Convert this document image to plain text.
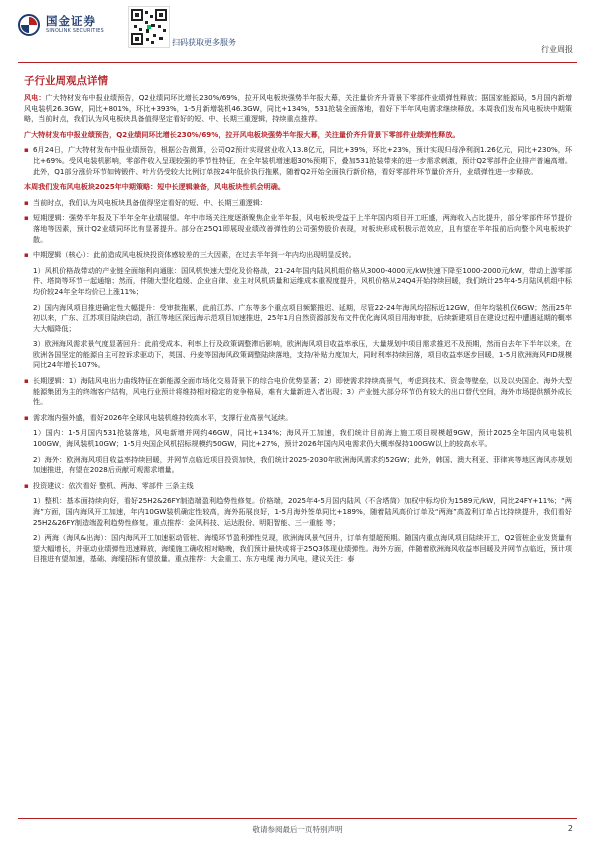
国金证券
SINOLINK SECURITIES
扫码获取更多服务
行业周报
子行业周观点详情

风电：广大特材发布中报业绩预告，Q2业绩同环比增长230%/69%，拉开风电板块强势半年报大幕，关注量价齐升背景下零部件业绩弹性释放；据国家能源局，5月国内新增风电装机26.3GW，同比+801%，环比+393%，1-5月新增装机46.3GW，同比+134%，531抢装全面落地，看好下半年风电需求继续释放。本周我们发布风电板块中期策略，当前时点，我们认为风电板块具备值得坚定看好的短、中、长期三重逻辑，持续重点推荐。

广大特材发布中报业绩预告，Q2业绩同环比增长230%/69%，拉开风电板块强势半年报大幕，关注量价齐升背景下零部件业绩弹性释放。

▪ 6月24日，广大特材发布中报业绩预告，根据公告测算，公司Q2预计实现营业收入13.8亿元，同比+39%，环比+23%，预计实现归母净利润1.26亿元，同比+230%，环比+69%。受风电装机影响，零部件收入呈现较强的季节性特征，在全年装机增速超30%预期下，叠加531抢装带来的进一步需求刺激，预计Q2零部件企业排产普遍高增。此外，Q1部分涨价环节如铸锻件、叶片仍受较大比例订单按24年低价执行拖累，随着Q2开始全面执行新价格，看好零部件环节量价齐升，业绩弹性进一步释放。

本周我们发布风电板块2025年中期策略：短中长逻辑兼备，风电板块性机会明确。

▪ 当前时点，我们认为风电板块具备值得坚定看好的短、中、长期三重逻辑：

▪ 短期逻辑：强势半年报及下半年全年业绩展望。年中市场关注度逐渐聚焦企业半年报，风电板块受益于上半年国内项目开工旺盛，两海收入占比提升，部分零部件环节提价落地等因素，预计Q2业绩同环比有显著提升。部分在25Q1即展现业绩改善弹性的公司强势股价表现，对板块形成积极示范效应，且有望在半年报前后向整个风电板块扩散。

▪ 中期逻辑（核心）：此前造成风电板块投资体感较差的三大因素，在过去半年到一年内均出现明显反转。

1）风机价格战带动的产业链全面缩利向通胀：国风机快速大型化及价格战，21-24年国内陆风机组价格从3000-4000元/kW快速下降至1000-2000元/kW，带动上游零部件、塔筒等环节一起通缩；然而，伴随大型化趋缓、企业自律、业主对风机质量和运维成本重视度提升，风机价格从24Q4开始持续回暖，我们统计25年4-5月陆风机组中标均价较24年全年均价已上涨11%；

2）国内海风项目推进确定性大幅提升：受审批拖累，此前江苏、广东等多个重点项目频繁推迟、延期，尽管22-24年海风均招标近12GW，但年均装机仅6GW；然而25年初以来，广东、江苏项目陆续启动，浙江等地区深远海示范项目加速推进，25年1月自然资源部发布文件优化海风项目用海审批，后续新建项目在建设过程中遭遇延期的概率大大幅降低；

3）欧洲海风需求景气度显著回升：此前受成本、利率上行及政策调整滞后影响，欧洲海风项目收益率承压，大量规划中项目需求推迟不及预期，然而自去年下半年以来，在欧洲各国坚定的能源自主可控诉求驱动下，英国、丹麦等国海风政策调整陆续落地，支持/补贴力度加大，同时利率持续回落，项目收益率逐步回暖，1-5月欧洲海风FID规模同比24年增长107%。

▪ 长期逻辑：1）海陆风电出力曲线特征在新能源全面市场化交易背景下的综合电价优势显著；2）即使需求持续高景气，考虑到技术、资金等壁垒，以及以央国企、海外大型能源集团为主的终端客户结构，风电行业预计将维持相对稳定的竞争格局，难有大量新进入者出现；3）产业链大部分环节仍有较大的出口替代空间，海外市场提供额外成长性。

▪ 需求端内强外盛，看好2026年全球风电装机维持较高水平，支撑行业高景气延续。

1）国内：1-5月国内531抢装落地，风电新增并网约46GW，同比+134%；海风开工加速，我们统计目前海上施工项目规模超9GW，预计2025全年国内风电装机100GW，海风装机10GW；1-5月央国企风机招标规模约50GW，同比+27%，预计2026年国内风电需求仍大概率保持100GW以上的较高水平。

2）海外：欧洲海风项目收益率持续回暖，并网节点临近项目投资加快，我们统计2025-2030年欧洲海风需求约52GW；此外，韩国、澳大利亚、菲律宾等地区海风亦规划加速推进，有望在2028后贡献可观需求增量。

▪ 投资建议：依次看好 整机、两海、零部件 三条主线

1）整机：基本面持续向好，看好25H2&26FY制造端盈利趋势性修复。价格端，2025年4-5月国内陆风（不含塔筒）加权中标均价为1589元/kW，同比24FY+11%；“两海”方面，国内海风开工加速，年内10GW装机确定性较高，海外拓展良好，1-5月海外签单同比+189%，随着陆风高价订单及“两海”高盈利订单占比持续提升，我们看好25H2&26FY制造端盈利趋势性修复。重点推荐：金风科技、运达股份、明阳智能、三一重能 等；

2）两海（海风&出海）：国内海风开工加速驱动管桩、海缆环节盈利弹性兑现，欧洲海风景气回升，订单有望超预期。随国内重点海风项目陆续开工，Q2管桩企业发货量有望大幅增长，并驱动业绩弹性迅速释放，海缆施工确收相对略晚，我们预计最快或将于25Q3体现业绩弹性。海外方面，伴随着欧洲海风收益率回暖及并网节点临近，预计项目推进有望加速，基础、海缆招标有望放量。重点推荐：大金重工、东方电缆 海力风电，建议关注：泰

敬请参阅最后一页特别声明	2
